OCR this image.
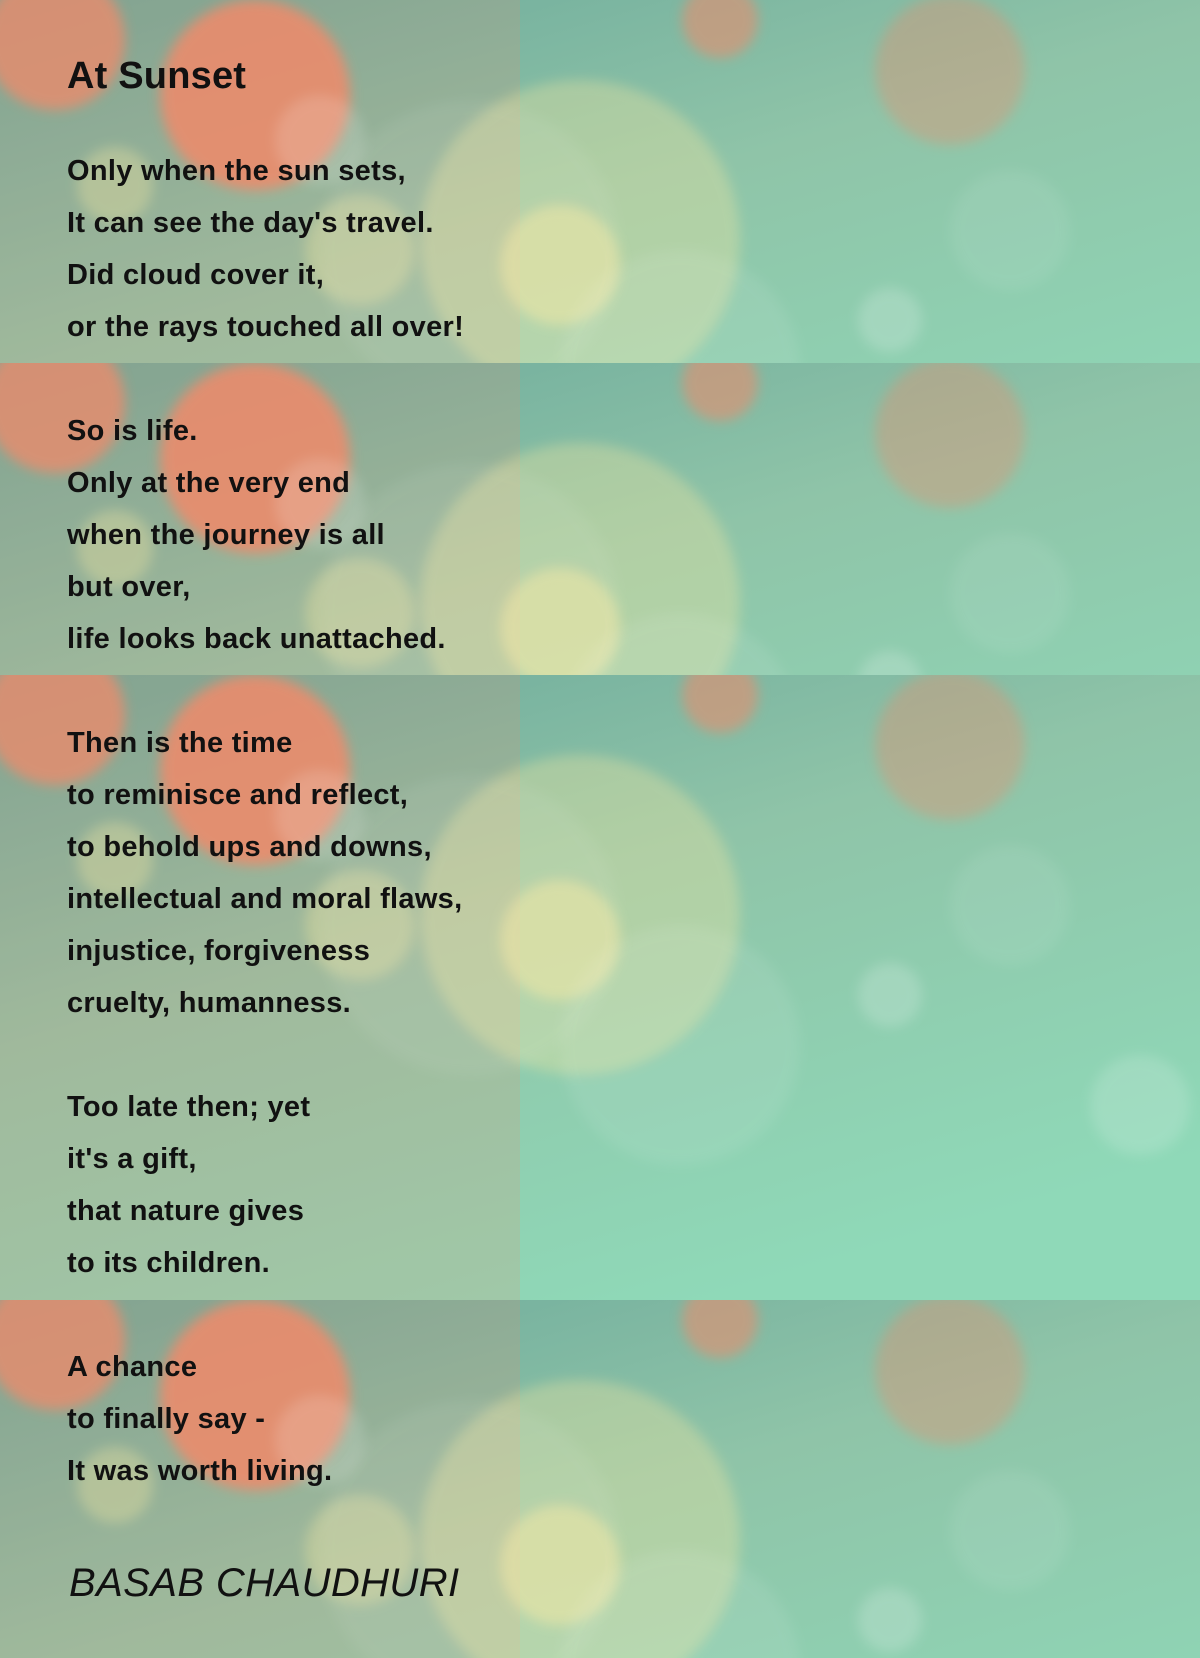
At Sunset
Only when the sun sets,
It can see the day's travel.
Did cloud cover it,
or the rays touched all over!
So is life.
Only at the very end
when the journey is all
but over,
life looks back unattached.
Then is the time
to reminisce and reflect,
to behold ups and downs,
intellectual and moral flaws,
injustice, forgiveness
cruelty, humanness.
Too late then; yet
it's a gift,
that nature gives
to its children.
A chance
to finally say -
It was worth living.
BASAB CHAUDHURI
